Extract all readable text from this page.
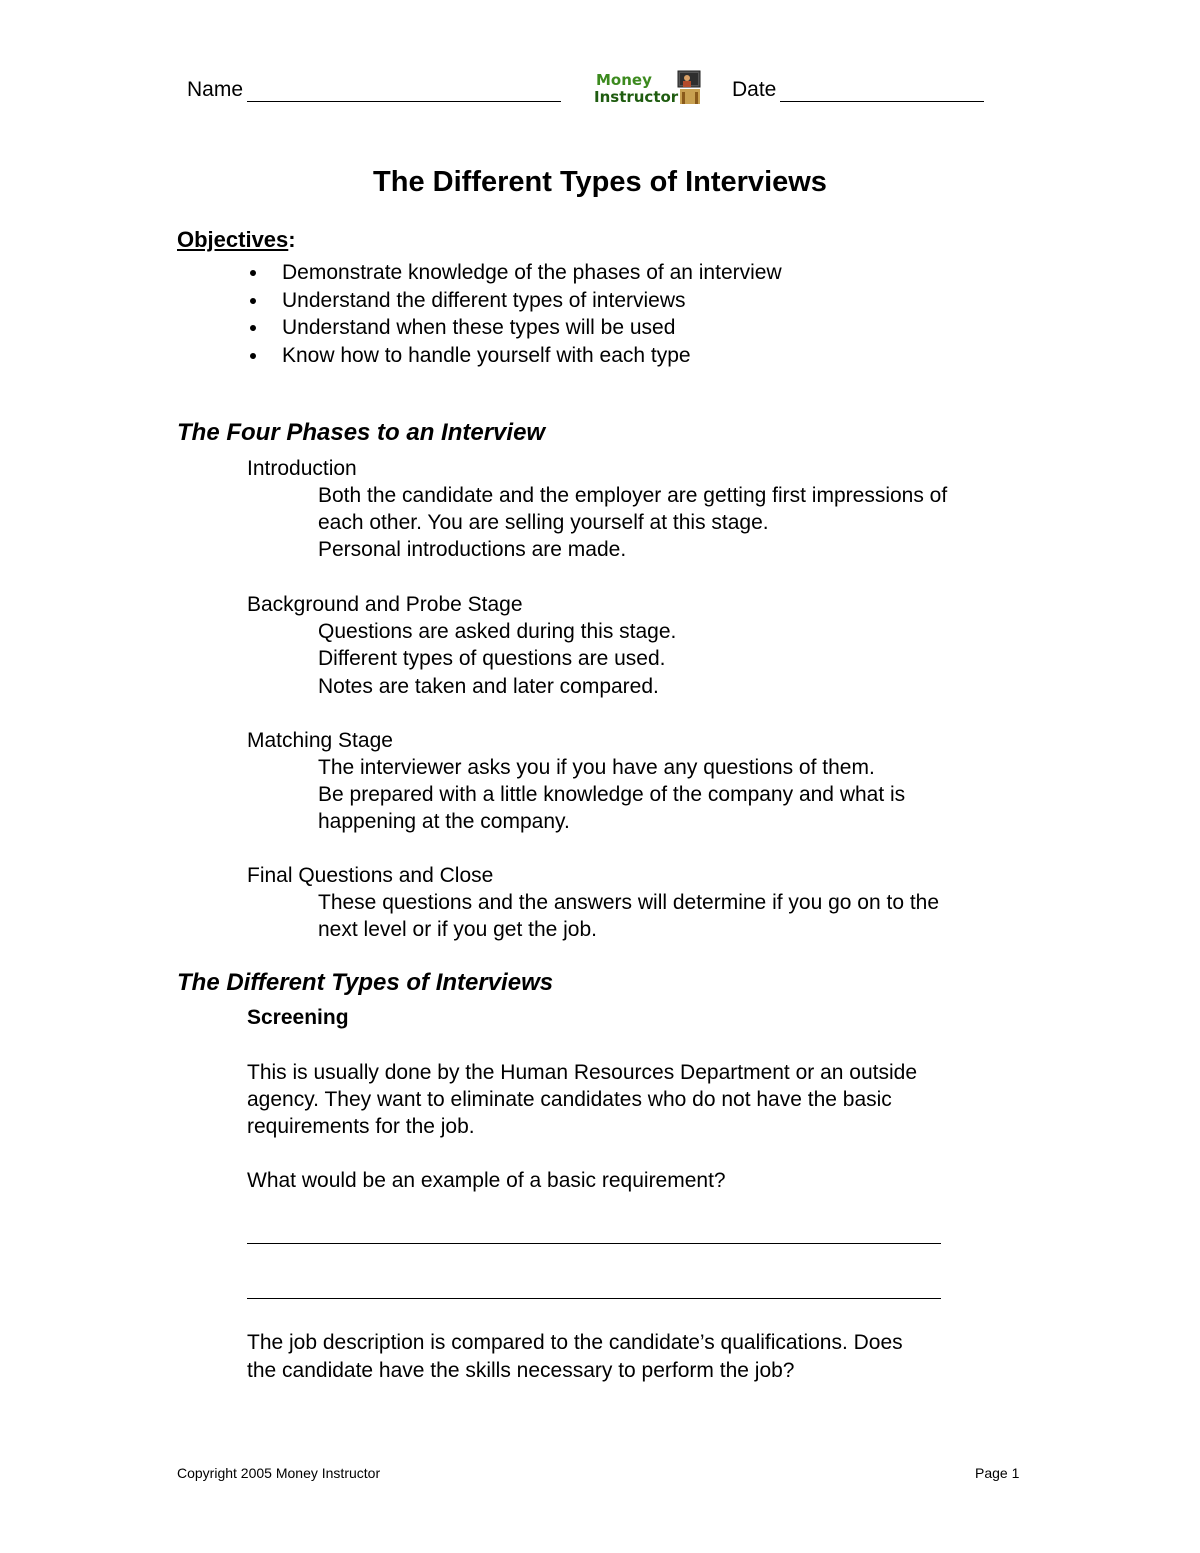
Name	Money
Instructor	Date
The Different Types of Interviews
Objectives:
Demonstrate knowledge of the phases of an interview
Understand the different types of interviews
Understand when these types will be used
Know how to handle yourself with each type
The Four Phases to an Interview
Introduction
Both the candidate and the employer are getting first impressions of
each other. You are selling yourself at this stage.
Personal introductions are made.
Background and Probe Stage
Questions are asked during this stage.
Different types of questions are used.
Notes are taken and later compared.
Matching Stage
The interviewer asks you if you have any questions of them.
Be prepared with a little knowledge of the company and what is
happening at the company.
Final Questions and Close
These questions and the answers will determine if you go on to the
next level or if you get the job.
The Different Types of Interviews
Screening
This is usually done by the Human Resources Department or an outside
agency. They want to eliminate candidates who do not have the basic
requirements for the job.
What would be an example of a basic requirement?
The job description is compared to the candidate’s qualifications. Does
the candidate have the skills necessary to perform the job?
Copyright 2005 Money Instructor	Page 1
